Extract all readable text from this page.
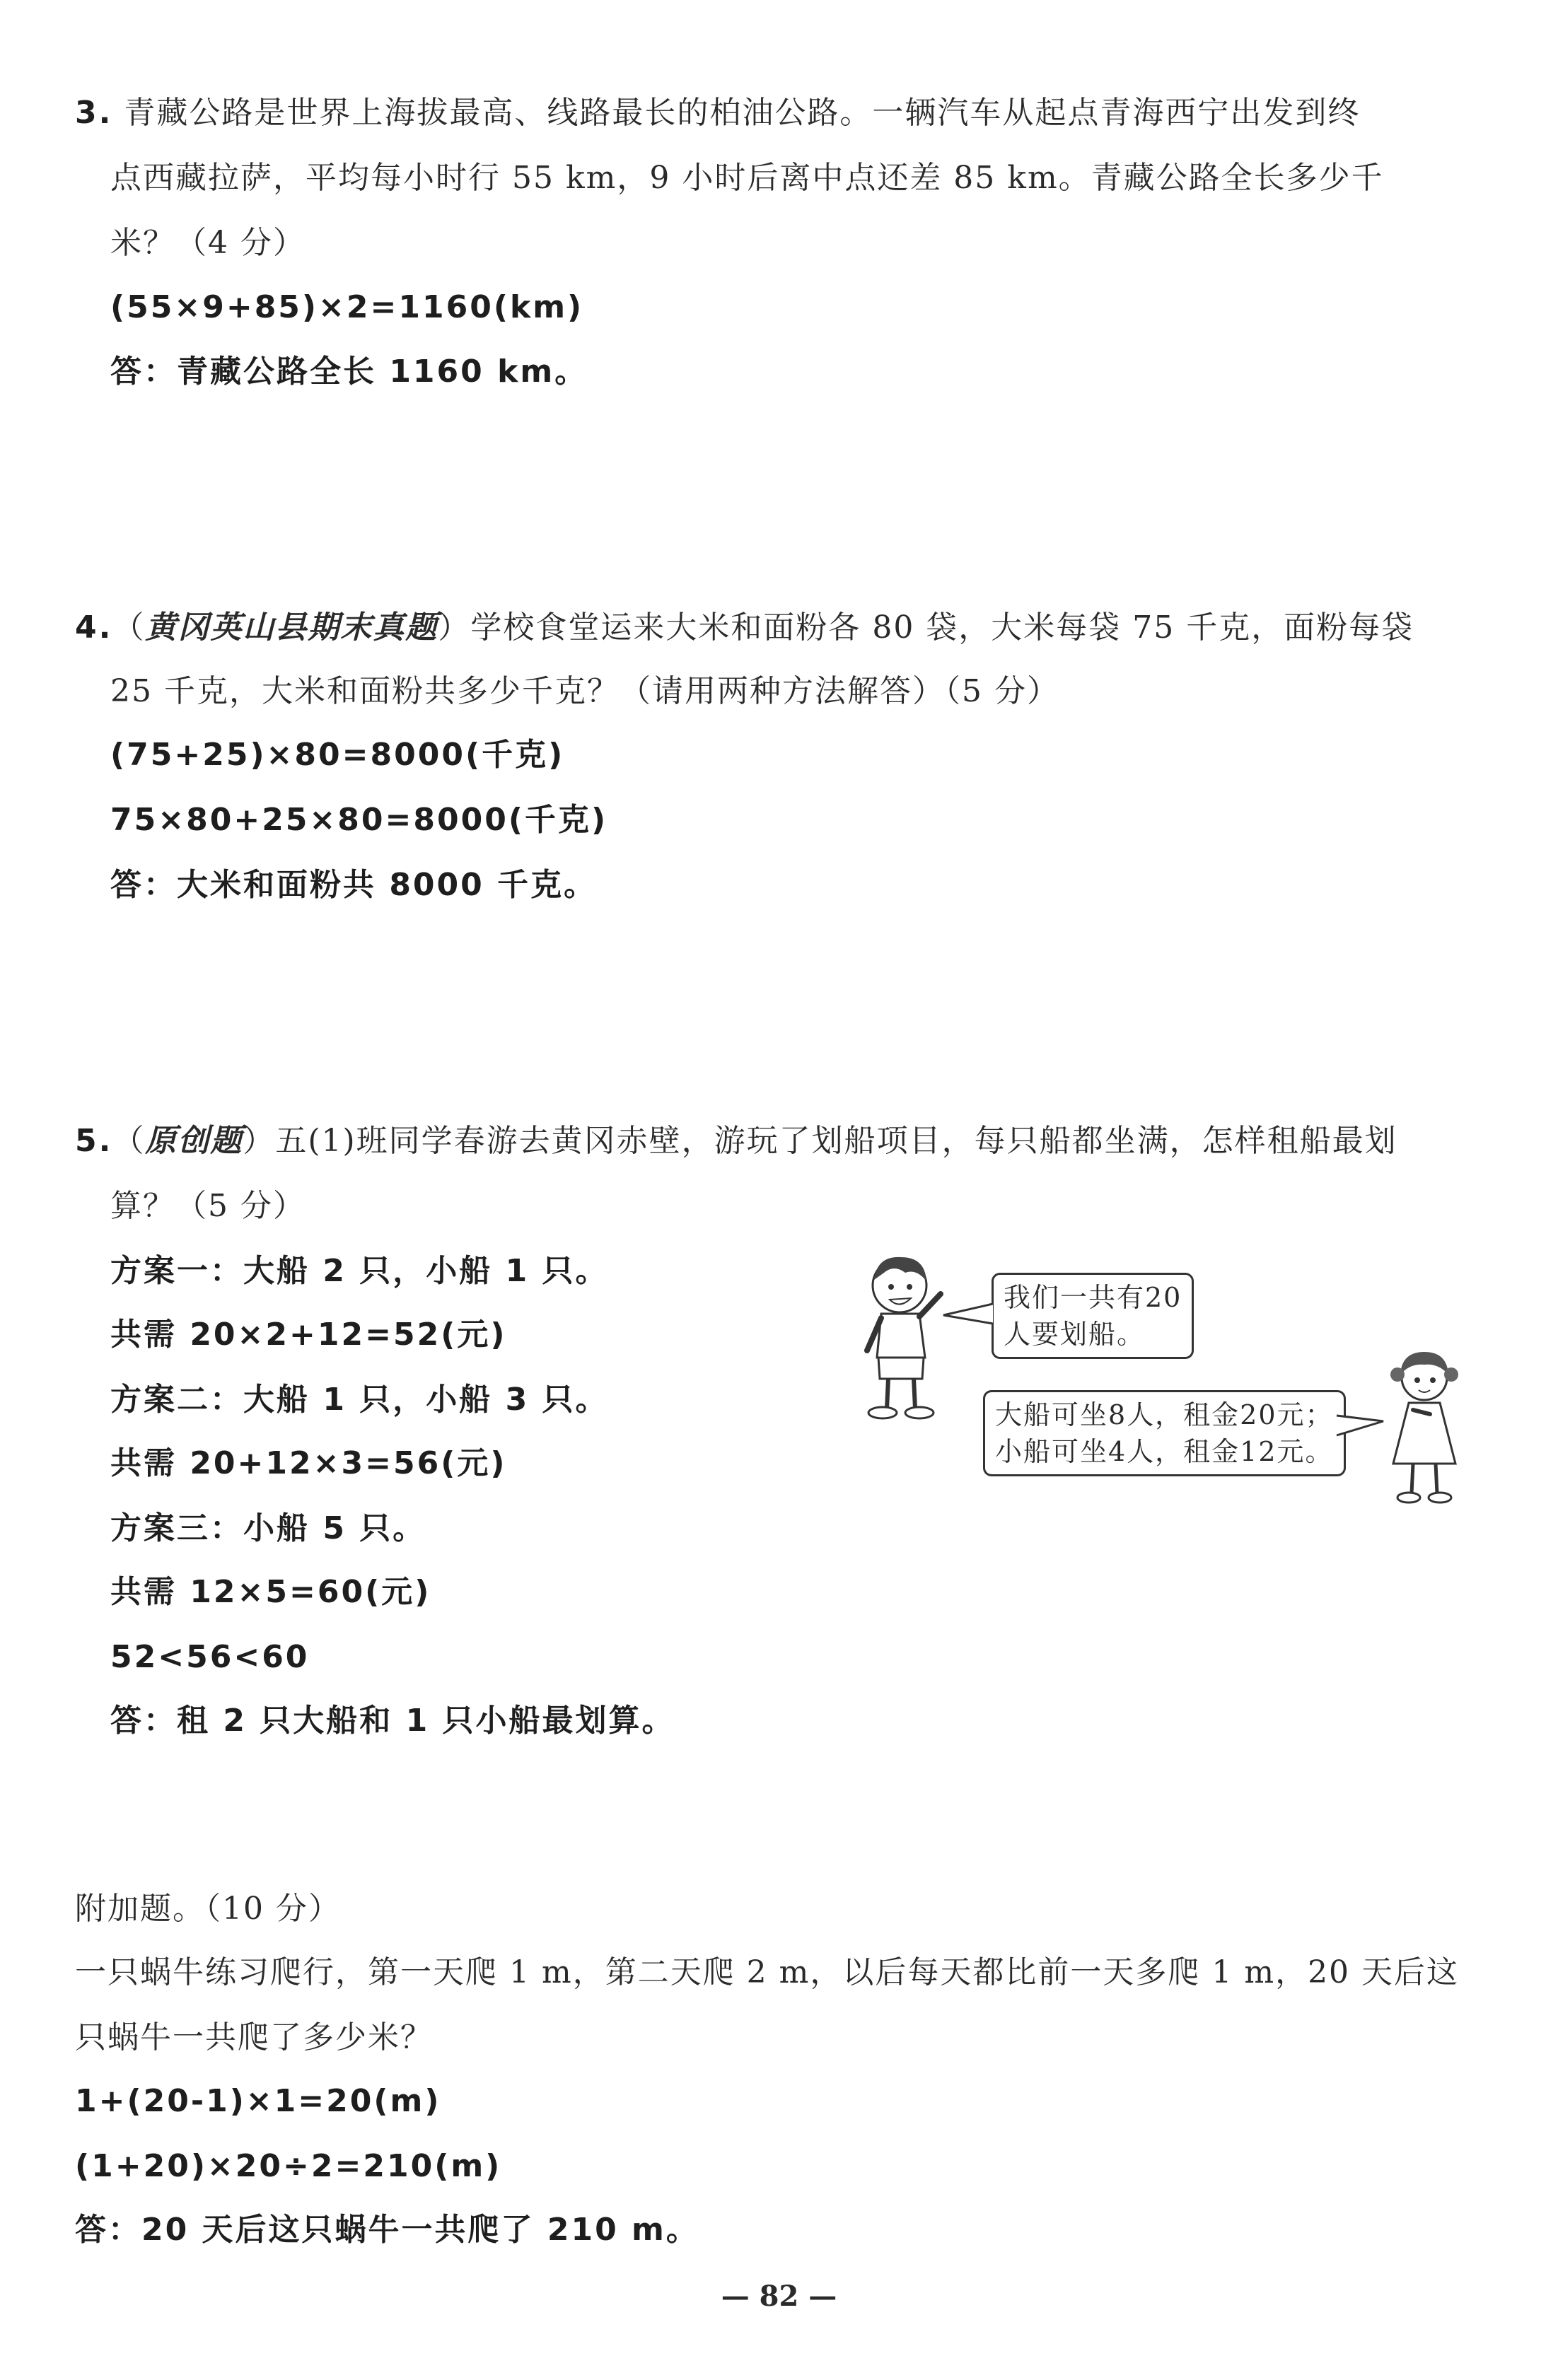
3. 青藏公路是世界上海拔最高、线路最长的柏油公路。一辆汽车从起点青海西宁出发到终
点西藏拉萨，平均每小时行 55 km，9 小时后离中点还差 85 km。青藏公路全长多少千
米？（4 分）
(55×9+85)×2=1160(km)
答：青藏公路全长 1160 km。
4.（黄冈英山县期末真题）学校食堂运来大米和面粉各 80 袋，大米每袋 75 千克，面粉每袋
25 千克，大米和面粉共多少千克？（请用两种方法解答）（5 分）
(75+25)×80=8000(千克)
75×80+25×80=8000(千克)
答：大米和面粉共 8000 千克。
5.（原创题）五(1)班同学春游去黄冈赤壁，游玩了划船项目，每只船都坐满，怎样租船最划
算？（5 分）
方案一：大船 2 只，小船 1 只。
共需 20×2+12=52(元)
方案二：大船 1 只，小船 3 只。
共需 20+12×3=56(元)
方案三：小船 5 只。
共需 12×5=60(元)
52<56<60
答：租 2 只大船和 1 只小船最划算。
我们一共有20
人要划船。
大船可坐8人，租金20元；
小船可坐4人，租金12元。
附加题。（10 分）
一只蜗牛练习爬行，第一天爬 1 m，第二天爬 2 m，以后每天都比前一天多爬 1 m，20 天后这
只蜗牛一共爬了多少米？
1+(20-1)×1=20(m)
(1+20)×20÷2=210(m)
答：20 天后这只蜗牛一共爬了 210 m。
— 82 —
